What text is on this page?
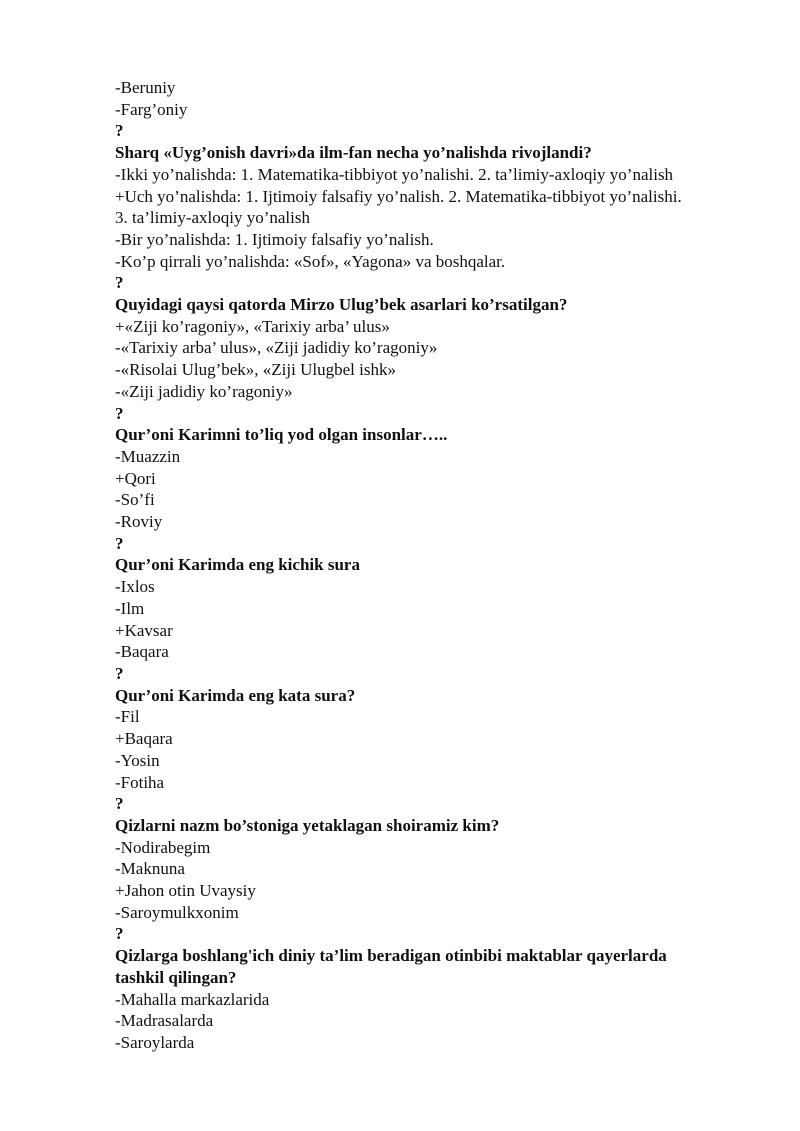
-Beruniy
-Farg’oniy
?
Sharq «Uyg’onish davri»da ilm-fan necha yo’nalishda rivojlandi?
-Ikki yo’nalishda: 1. Matematika-tibbiyot yo’nalishi. 2. ta’limiy-axloqiy yo’nalish
+Uch yo’nalishda: 1. Ijtimoiy falsafiy yo’nalish. 2. Matematika-tibbiyot yo’nalishi.
3. ta’limiy-axloqiy yo’nalish
-Bir yo’nalishda: 1. Ijtimoiy falsafiy yo’nalish.
-Ko’p qirrali yo’nalishda: «Sof», «Yagona» va boshqalar.
?
Quyidagi qaysi qatorda Mirzo Ulug’bek asarlari ko’rsatilgan?
+«Ziji ko’ragoniy», «Tarixiy arba’ ulus»
-«Tarixiy arba’ ulus», «Ziji jadidiy ko’ragoniy»
-«Risolai Ulug’bek», «Ziji Ulugbel ishk»
-«Ziji jadidiy ko’ragoniy»
?
Qur’oni Karimni to’liq yod olgan insonlar…..
-Muazzin
+Qori
-So’fi
-Roviy
?
Qur’oni Karimda eng kichik sura
-Ixlos
-Ilm
+Kavsar
-Baqara
?
Qur’oni Karimda eng kata sura?
-Fil
+Baqara
-Yosin
-Fotiha
?
Qizlarni nazm bo’stoniga yetaklagan shoiramiz kim?
-Nodirabegim
-Maknuna
+Jahon otin Uvaysiy
-Saroymulkxonim
?
Qizlarga boshlang'ich diniy ta’lim beradigan otinbibi maktablar qayerlarda
tashkil qilingan?
-Mahalla markazlarida
-Madrasalarda
-Saroylarda
